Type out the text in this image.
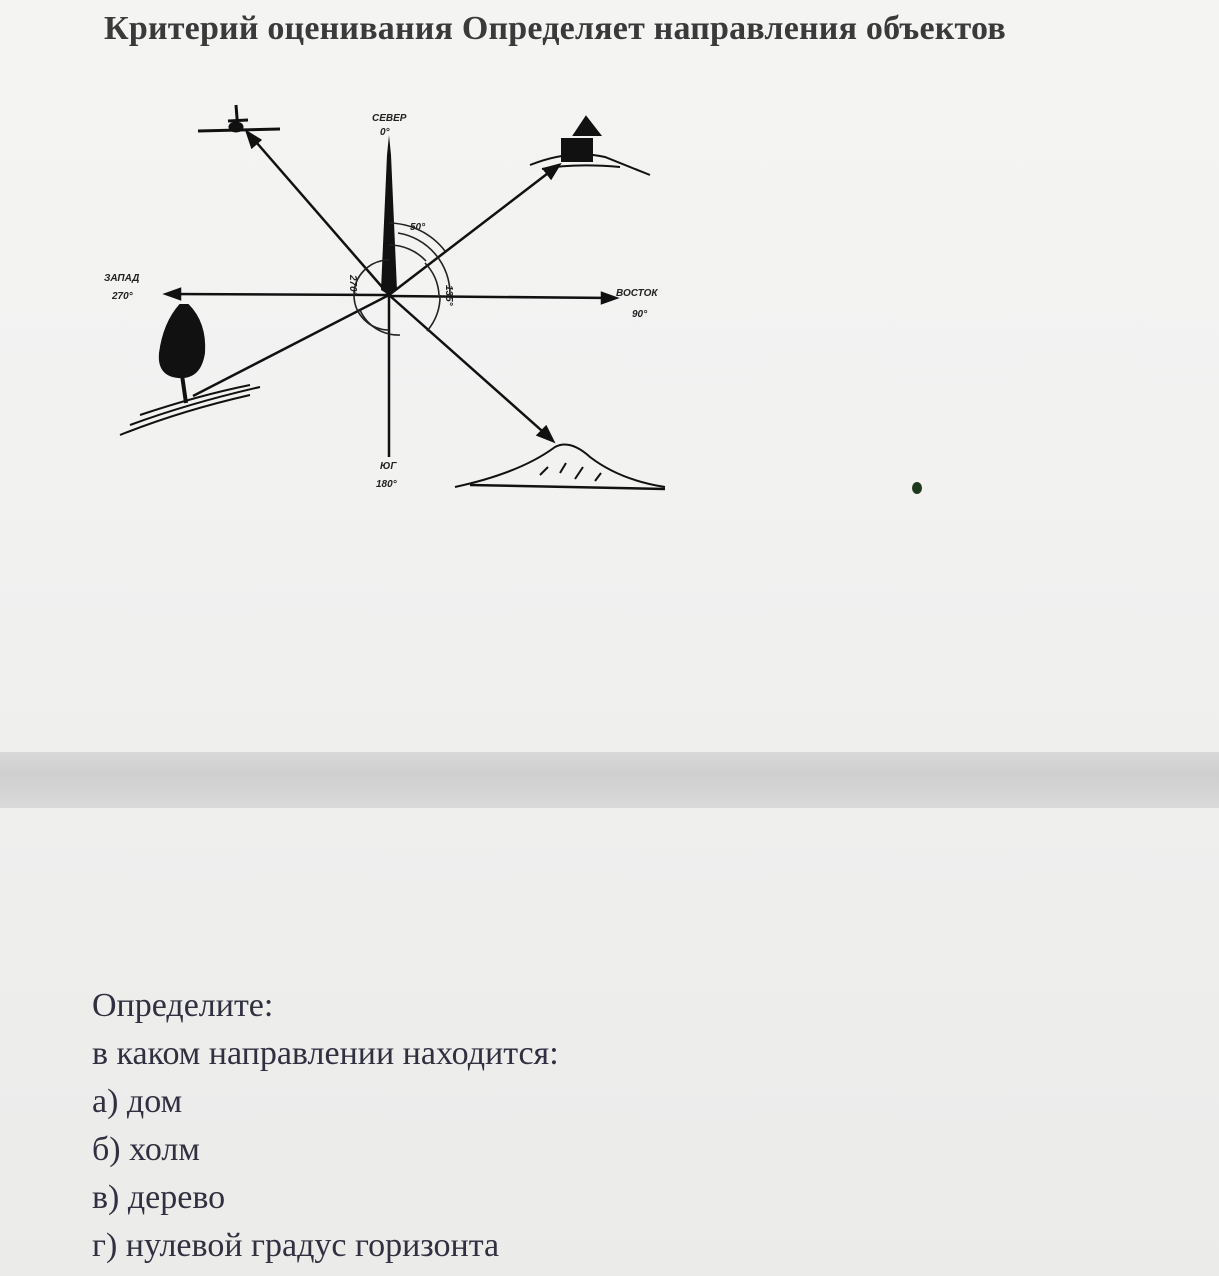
Критерий оценивания Определяет направления объектов
СЕВЕР
0°
ВОСТОК
90°
ЮГ
180°
ЗАПАД
270°
50°
135°
270°
Определите:
в каком направлении находится:
а) дом
б) холм
в) дерево
г) нулевой градус горизонта
